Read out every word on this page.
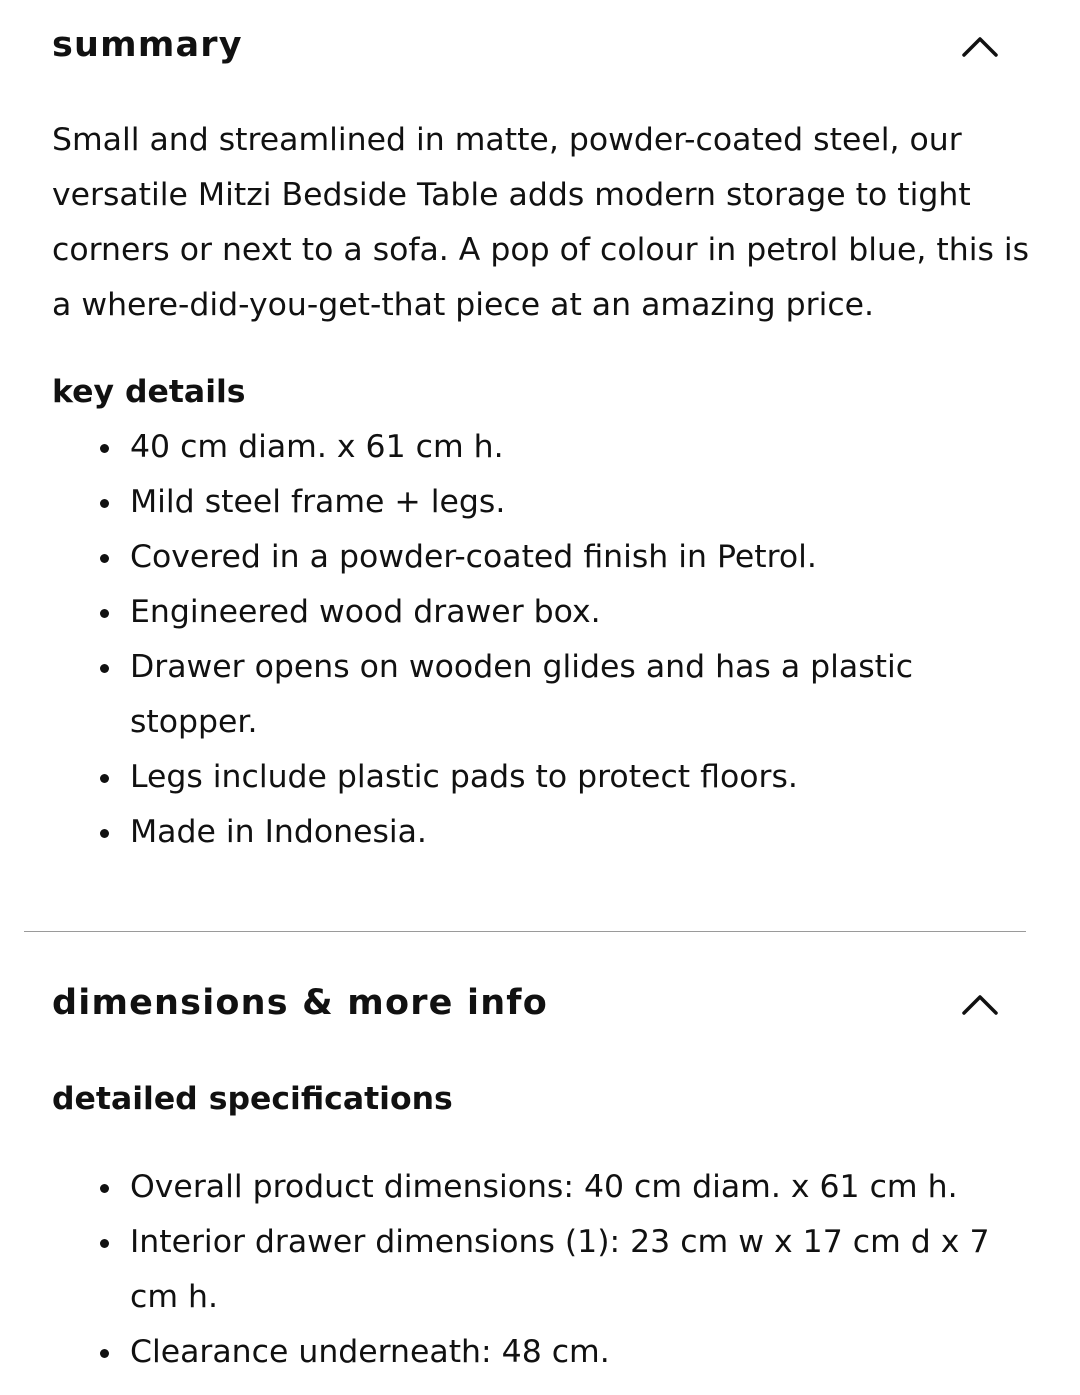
summary

Small and streamlined in matte, powder-coated steel, our versatile Mitzi Bedside Table adds modern storage to tight corners or next to a sofa. A pop of colour in petrol blue, this is a where-did-you-get-that piece at an amazing price.

key details
40 cm diam. x 61 cm h.
Mild steel frame + legs.
Covered in a powder-coated finish in Petrol.
Engineered wood drawer box.
Drawer opens on wooden glides and has a plastic stopper.
Legs include plastic pads to protect floors.
Made in Indonesia.
dimensions & more info
detailed specifications
Overall product dimensions: 40 cm diam. x 61 cm h.
Interior drawer dimensions (1): 23 cm w x 17 cm d x 7 cm h.
Clearance underneath: 48 cm.
